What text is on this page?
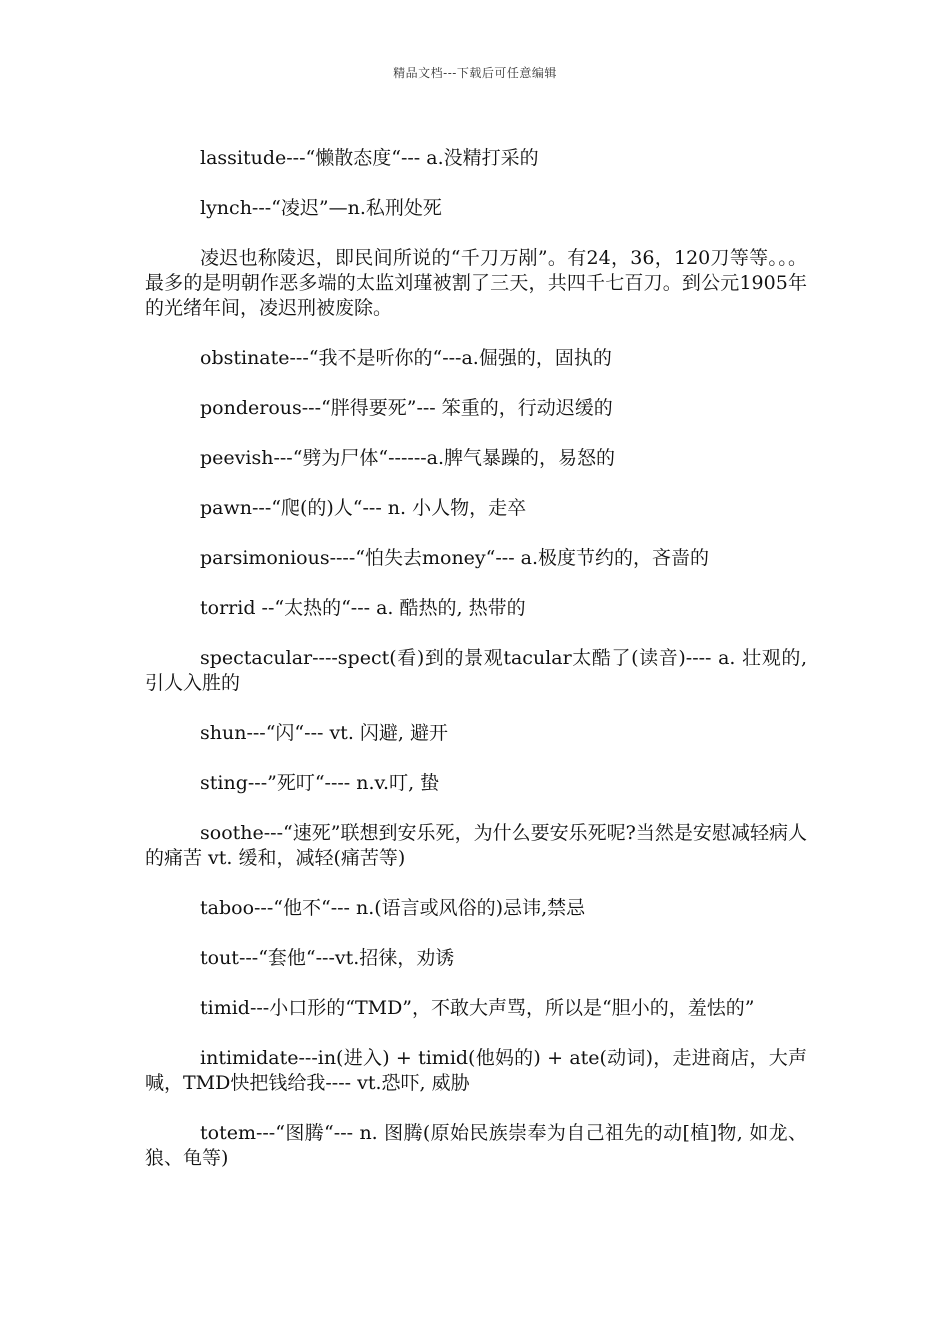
精品文档---下载后可任意编辑

lassitude---“懒散态度“--- a.没精打采的

lynch---“凌迟”—n.私刑处死

凌迟也称陵迟，即民间所说的“千刀万剐”。有24，36，120刀等等。。。最多的是明朝作恶多端的太监刘瑾被割了三天，共四千七百刀。到公元1905年的光绪年间，凌迟刑被废除。

obstinate---“我不是听你的“---a.倔强的，固执的

ponderous---“胖得要死”--- 笨重的，行动迟缓的

peevish---“劈为尸体“------a.脾气暴躁的，易怒的

pawn---“爬(的)人“--- n. 小人物，走卒

parsimonious----“怕失去money“--- a.极度节约的，吝啬的

torrid --“太热的“--- a. 酷热的, 热带的

spectacular----spect(看)到的景观tacular太酷了(读音)---- a. 壮观的, 引人入胜的

shun---“闪“--- vt. 闪避, 避开

sting---”死叮“---- n.v.叮, 蛰

soothe---“速死”联想到安乐死，为什么要安乐死呢?当然是安慰减轻病人的痛苦 vt. 缓和，减轻(痛苦等)

taboo---“他不“--- n.(语言或风俗的)忌讳,禁忌

tout---“套他“---vt.招徕，劝诱

timid---小口形的“TMD”，不敢大声骂，所以是“胆小的，羞怯的”

intimidate---in(进入) + timid(他妈的) + ate(动词)，走进商店，大声喊，TMD快把钱给我---- vt.恐吓, 威胁

totem---“图腾“--- n. 图腾(原始民族崇奉为自己祖先的动[植]物, 如龙、狼、龟等)
